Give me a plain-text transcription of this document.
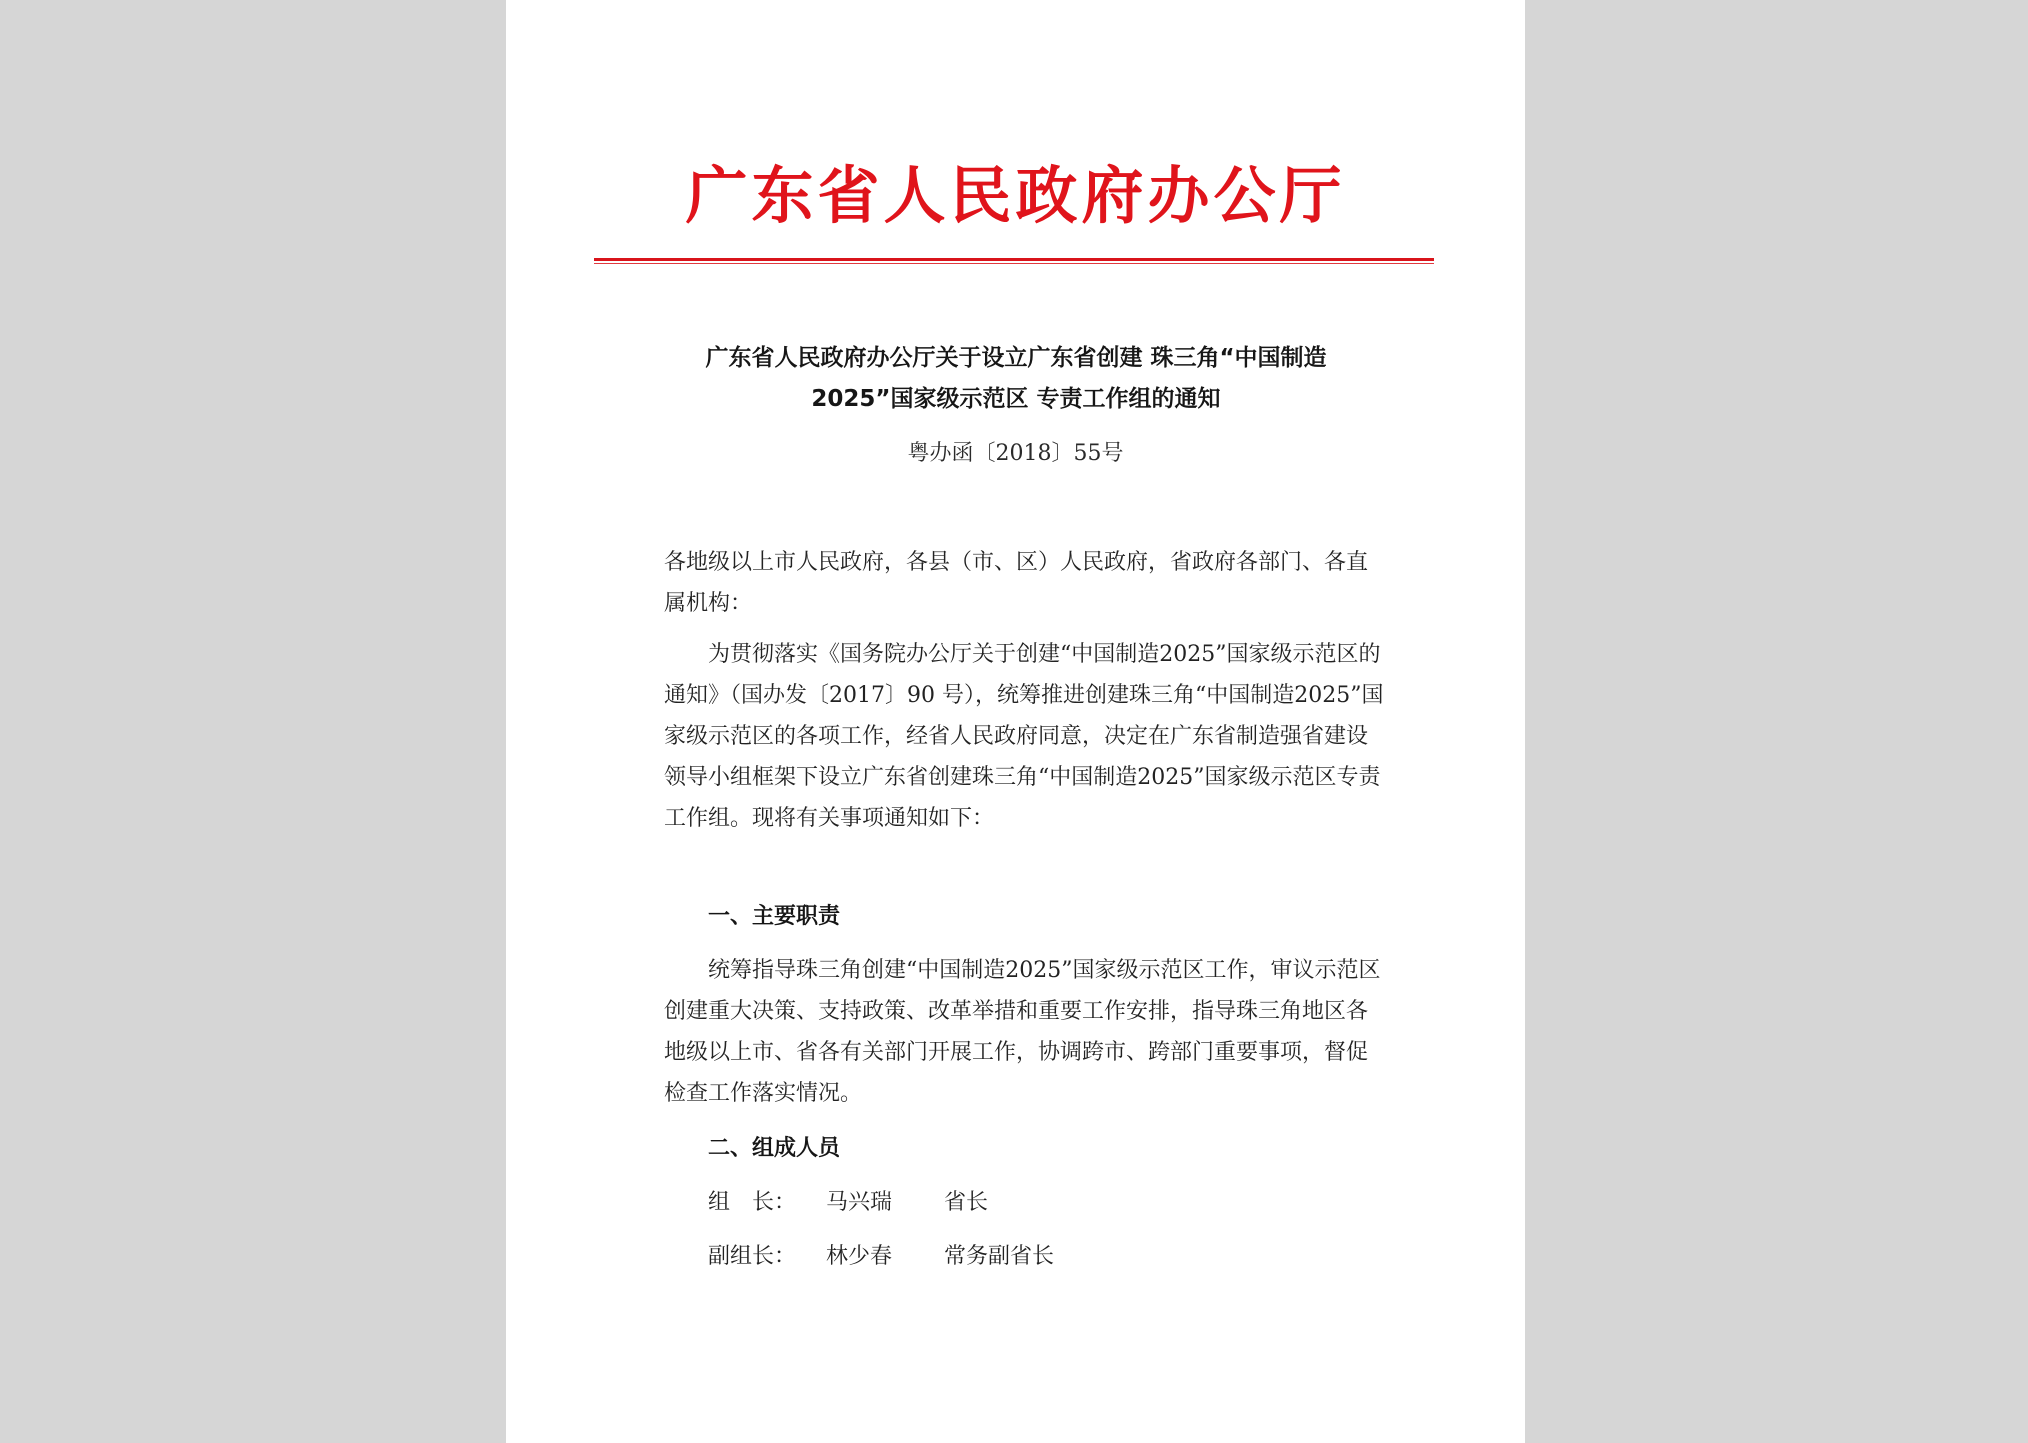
广东省人民政府办公厅
广东省人民政府办公厅关于设立广东省创建 珠三角“中国制造
2025”国家级示范区 专责工作组的通知
粤办函〔2018〕55号
各地级以上市人民政府，各县（市、区）人民政府，省政府各部门、各直属机构：
为贯彻落实《国务院办公厅关于创建“中国制造2025”国家级示范区的通知》（国办发〔2017〕90 号），统筹推进创建珠三角“中国制造2025”国家级示范区的各项工作，经省人民政府同意，决定在广东省制造强省建设领导小组框架下设立广东省创建珠三角“中国制造2025”国家级示范区专责工作组。现将有关事项通知如下：
一、主要职责
统筹指导珠三角创建“中国制造2025”国家级示范区工作，审议示范区创建重大决策、支持政策、改革举措和重要工作安排，指导珠三角地区各地级以上市、省各有关部门开展工作，协调跨市、跨部门重要事项，督促检查工作落实情况。
二、组成人员
组　长： 马兴瑞 省长
副组长： 林少春 常务副省长
